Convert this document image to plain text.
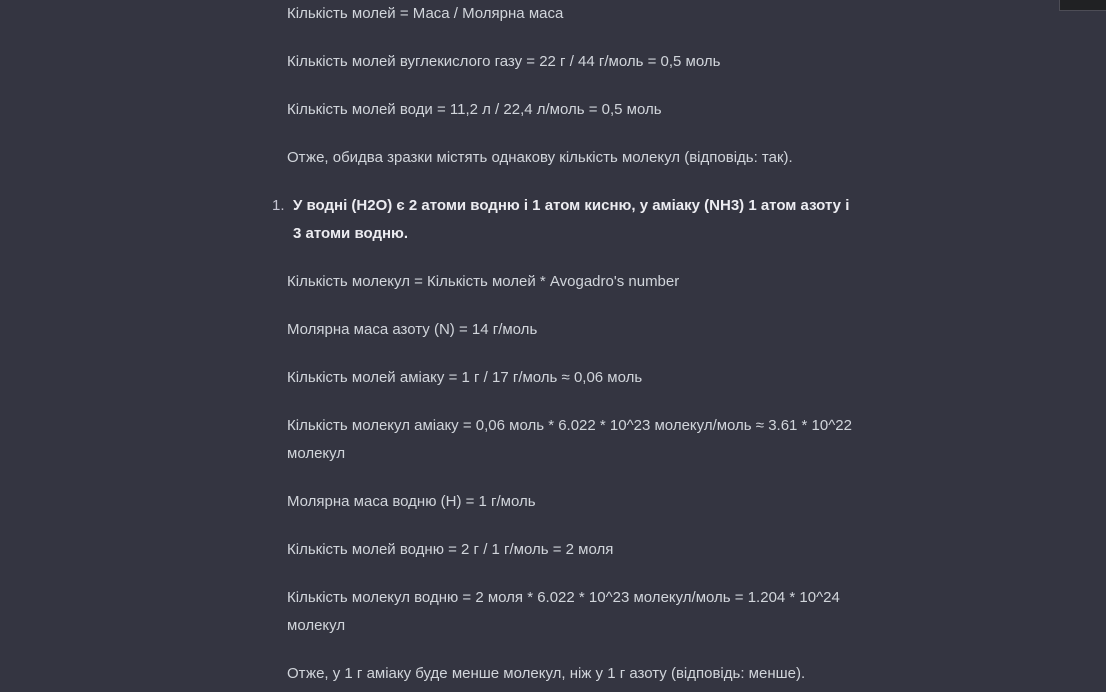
Кількість молей = Маса / Молярна маса
Кількість молей вуглекислого газу = 22 г / 44 г/моль = 0,5 моль
Кількість молей води = 11,2 л / 22,4 л/моль = 0,5 моль
Отже, обидва зразки містять однакову кількість молекул (відповідь: так).
1. У водні (H2O) є 2 атоми водню і 1 атом кисню, у аміаку (NH3) 1 атом азоту і 3 атоми водню.
Кількість молекул = Кількість молей * Avogadro's number
Молярна маса азоту (N) = 14 г/моль
Кількість молей аміаку = 1 г / 17 г/моль ≈ 0,06 моль
Кількість молекул аміаку = 0,06 моль * 6.022 * 10^23 молекул/моль ≈ 3.61 * 10^22 молекул
Молярна маса водню (H) = 1 г/моль
Кількість молей водню = 2 г / 1 г/моль = 2 моля
Кількість молекул водню = 2 моля * 6.022 * 10^23 молекул/моль = 1.204 * 10^24 молекул
Отже, у 1 г аміаку буде менше молекул, ніж у 1 г азоту (відповідь: менше).
